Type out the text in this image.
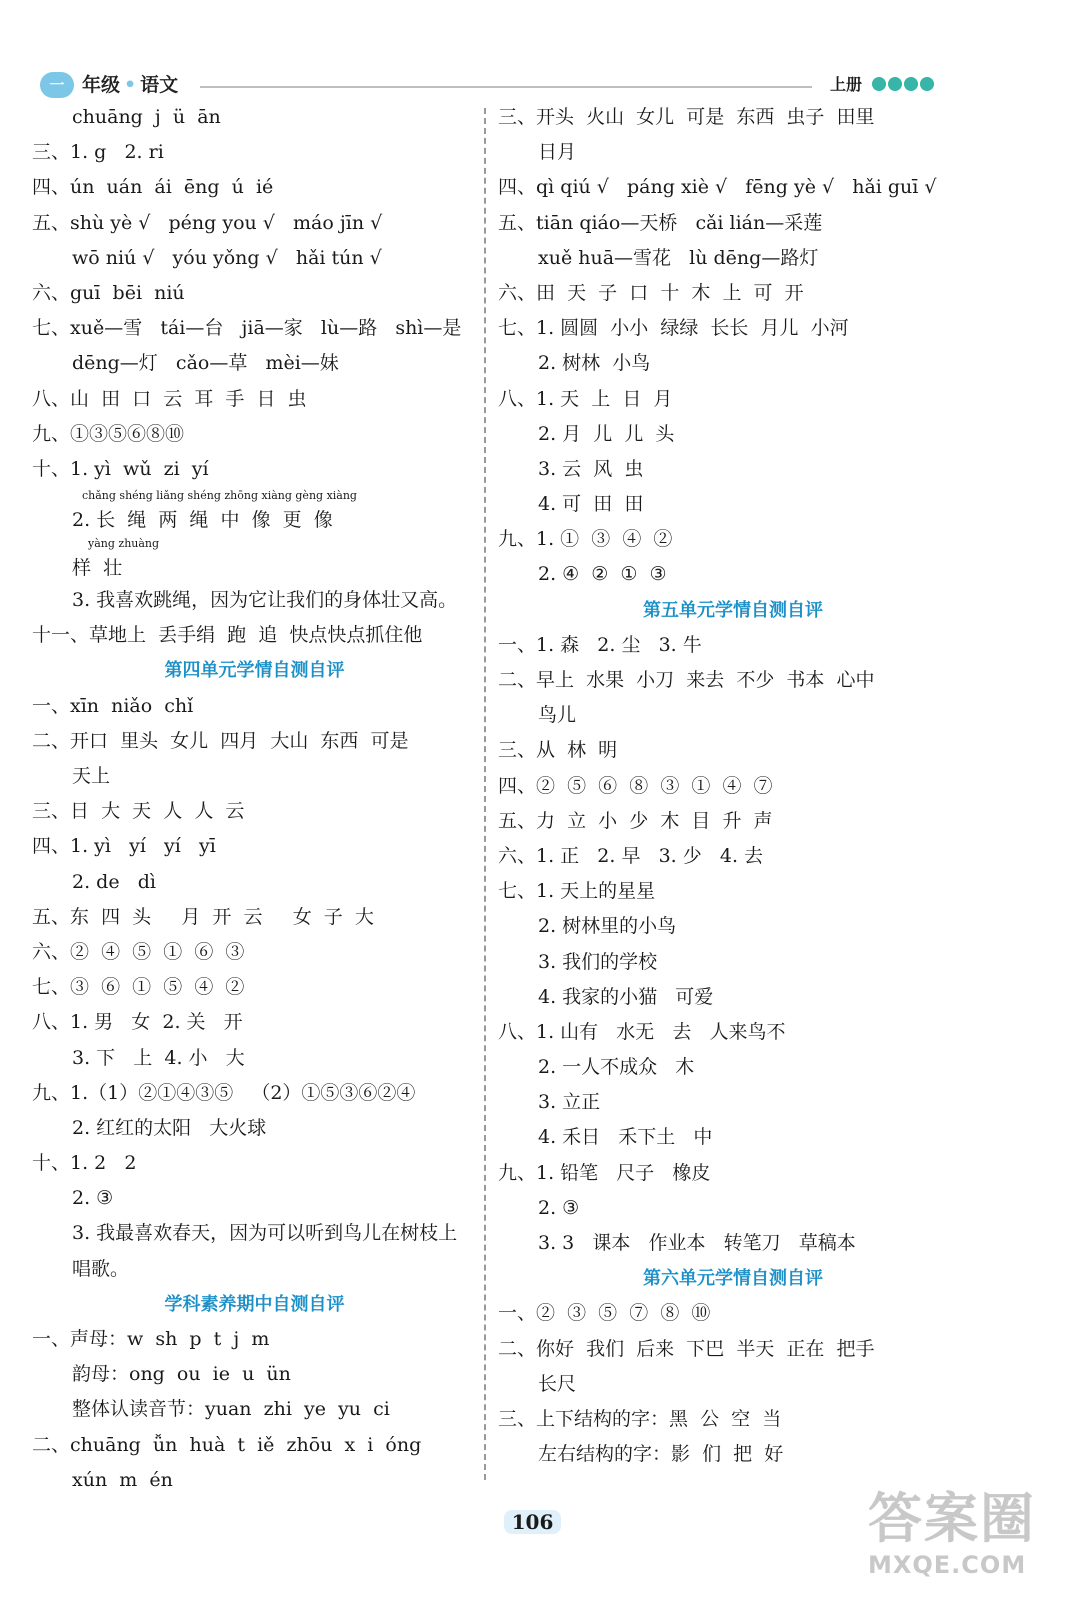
一 年级 • 语文	上册
chuāng  j  ü  ān
三、1. g   2. ri
四、ún  uán  ái  ēng  ú  ié
五、shù yè √   péng you √   máo jīn √
wō niú √   yóu yǒng √   hǎi tún √
六、guī  bēi  niú
七、xuě—雪   tái—台   jiā—家   lù—路   shì—是
dēng—灯   cǎo—草   mèi—妹
八、山  田  口  云  耳  手  日  虫
九、①③⑤⑥⑧⑩
十、1. yì  wǔ  zi  yí
chǎng shéng liǎng shéng zhōng xiàng gèng xiàng
2. 长  绳  两  绳  中  像  更  像
yàng zhuàng
样  壮
3. 我喜欢跳绳，因为它让我们的身体壮又高。
十一、草地上  丢手绢  跑  追  快点快点抓住他
第四单元学情自测自评
一、xīn  niǎo  chǐ
二、开口  里头  女儿  四月  大山  东西  可是
天上
三、日  大  天  人  人  云
四、1. yì   yí   yí   yī
2. de   dì
五、东  四  头     月  开  云     女  子  大
六、②  ④  ⑤  ①  ⑥  ③
七、③  ⑥  ①  ⑤  ④  ②
八、1. 男   女  2. 关   开
3. 下   上  4. 小   大
九、1.（1）②①④③⑤   （2）①⑤③⑥②④
2. 红红的太阳   大火球
十、1. 2   2
2. ③
3. 我最喜欢春天，因为可以听到鸟儿在树枝上
唱歌。
学科素养期中自测自评
一、声母：w  sh  p  t  j  m
韵母：ong  ou  ie  u  ün
整体认读音节：yuan  zhi  ye  yu  ci
二、chuāng  ǚn  huà  t  iě  zhōu  x  i  óng
xún  m  én
三、开头  火山  女儿  可是  东西  虫子  田里
日月
四、qì qiú √   páng xiè √   fēng yè √   hǎi guī √
五、tiān qiáo—天桥   cǎi lián—采莲
xuě huā—雪花   lù dēng—路灯
六、田  天  子  口  十  木  上  可  开
七、1. 圆圆  小小  绿绿  长长  月儿  小河
2. 树林  小鸟
八、1. 天  上  日  月
2. 月  儿  儿  头
3. 云  风  虫
4. 可  田  田
九、1. ①  ③  ④  ②
2. ④  ②  ①  ③
第五单元学情自测自评
一、1. 森   2. 尘   3. 牛
二、早上  水果  小刀  来去  不少  书本  心中
鸟儿
三、从  林  明
四、②  ⑤  ⑥  ⑧  ③  ①  ④  ⑦
五、力  立  小  少  木  目  升  声
六、1. 正   2. 早   3. 少   4. 去
七、1. 天上的星星
2. 树林里的小鸟
3. 我们的学校
4. 我家的小猫   可爱
八、1. 山有   水无   去   人来鸟不
2. 一人不成众   木
3. 立正
4. 禾日   禾下土   中
九、1. 铅笔   尺子   橡皮
2. ③
3. 3   课本   作业本   转笔刀   草稿本
第六单元学情自测自评
一、②  ③  ⑤  ⑦  ⑧  ⑩
二、你好  我们  后来  下巴  半天  正在  把手
长尺
三、上下结构的字：黑  公  空  当
左右结构的字：影  们  把  好
106	答案圈
MXQE.COM
